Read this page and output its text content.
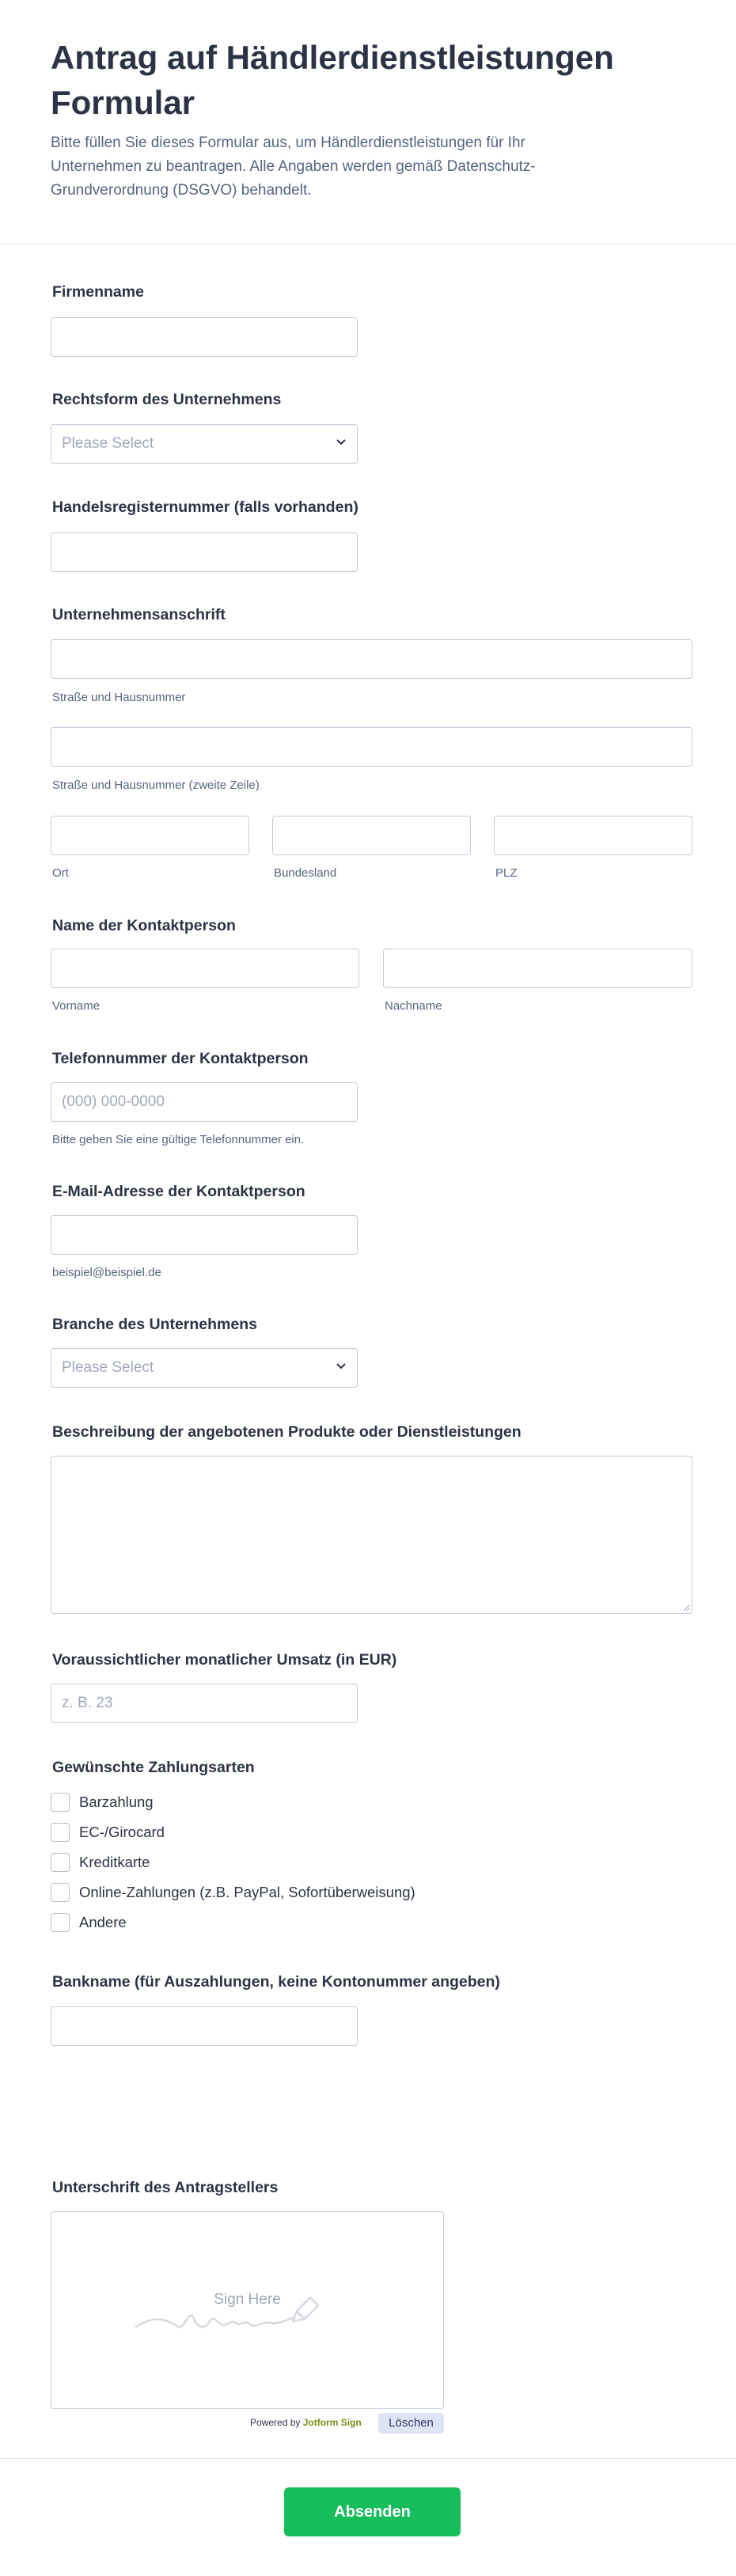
Antrag auf Händlerdienstleistungen Formular

Bitte füllen Sie dieses Formular aus, um Händlerdienstleistungen für Ihr Unternehmen zu beantragen. Alle Angaben werden gemäß Datenschutz-Grundverordnung (DSGVO) behandelt.

Firmenname
Rechtsform des Unternehmens
Please Select
Handelsregisternummer (falls vorhanden)
Unternehmensanschrift
Straße und Hausnummer
Straße und Hausnummer (zweite Zeile)
Ort	Bundesland	PLZ
Name der Kontaktperson
Vorname	Nachname
Telefonnummer der Kontaktperson
(000) 000-0000
Bitte geben Sie eine gültige Telefonnummer ein.
E-Mail-Adresse der Kontaktperson
beispiel@beispiel.de
Branche des Unternehmens
Please Select
Beschreibung der angebotenen Produkte oder Dienstleistungen
Voraussichtlicher monatlicher Umsatz (in EUR)
z. B. 23
Gewünschte Zahlungsarten
Barzahlung
EC-/Girocard
Kreditkarte
Online-Zahlungen (z.B. PayPal, Sofortüberweisung)
Andere
Bankname (für Auszahlungen, keine Kontonummer angeben)
Unterschrift des Antragstellers
Sign Here
Powered by Jotform Sign	Löschen
Absenden
